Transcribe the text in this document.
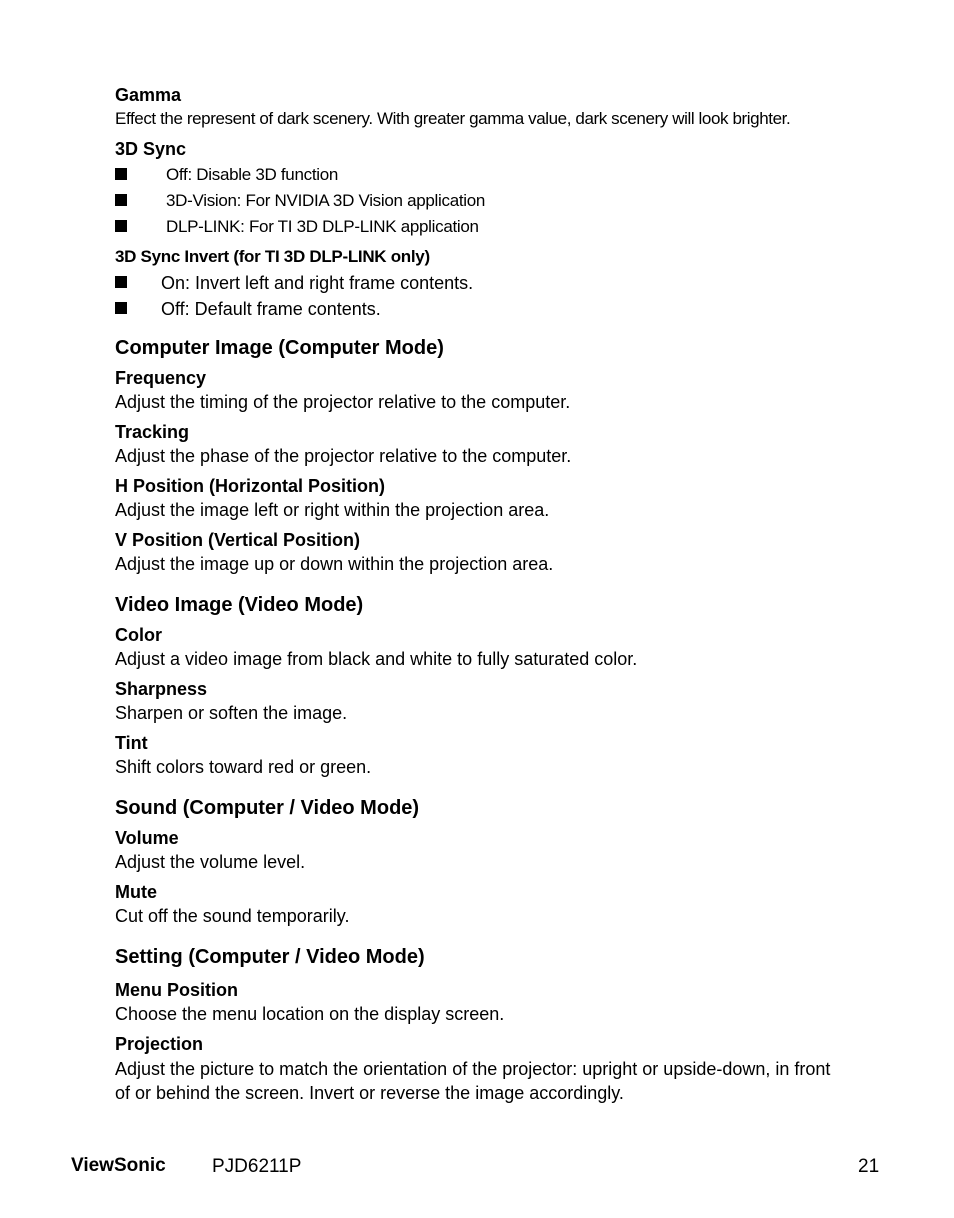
Gamma
Effect the represent of dark scenery. With greater gamma value, dark scenery will look brighter.
3D Sync
Off: Disable 3D function
3D-Vision: For NVIDIA 3D Vision application
DLP-LINK: For TI 3D DLP-LINK application
3D Sync Invert (for TI 3D DLP-LINK only)
On: Invert left and right frame contents.
Off: Default frame contents.
Computer Image (Computer Mode)
Frequency
Adjust the timing of the projector relative to the computer.
Tracking
Adjust the phase of the projector relative to the computer.
H Position (Horizontal Position)
Adjust the image left or right within the projection area.
V Position (Vertical Position)
Adjust the image up or down within the projection area.
Video Image (Video Mode)
Color
Adjust a video image from black and white to fully saturated color.
Sharpness
Sharpen or soften the image.
Tint
Shift colors toward red or green.
Sound (Computer / Video Mode)
Volume
Adjust the volume level.
Mute
Cut off the sound temporarily.
Setting (Computer / Video Mode)
Menu Position
Choose the menu location on the display screen.
Projection
Adjust the picture to match the orientation of the projector: upright or upside-down, in front of or behind the screen. Invert or reverse the image accordingly.
ViewSonic PJD6211P	21
